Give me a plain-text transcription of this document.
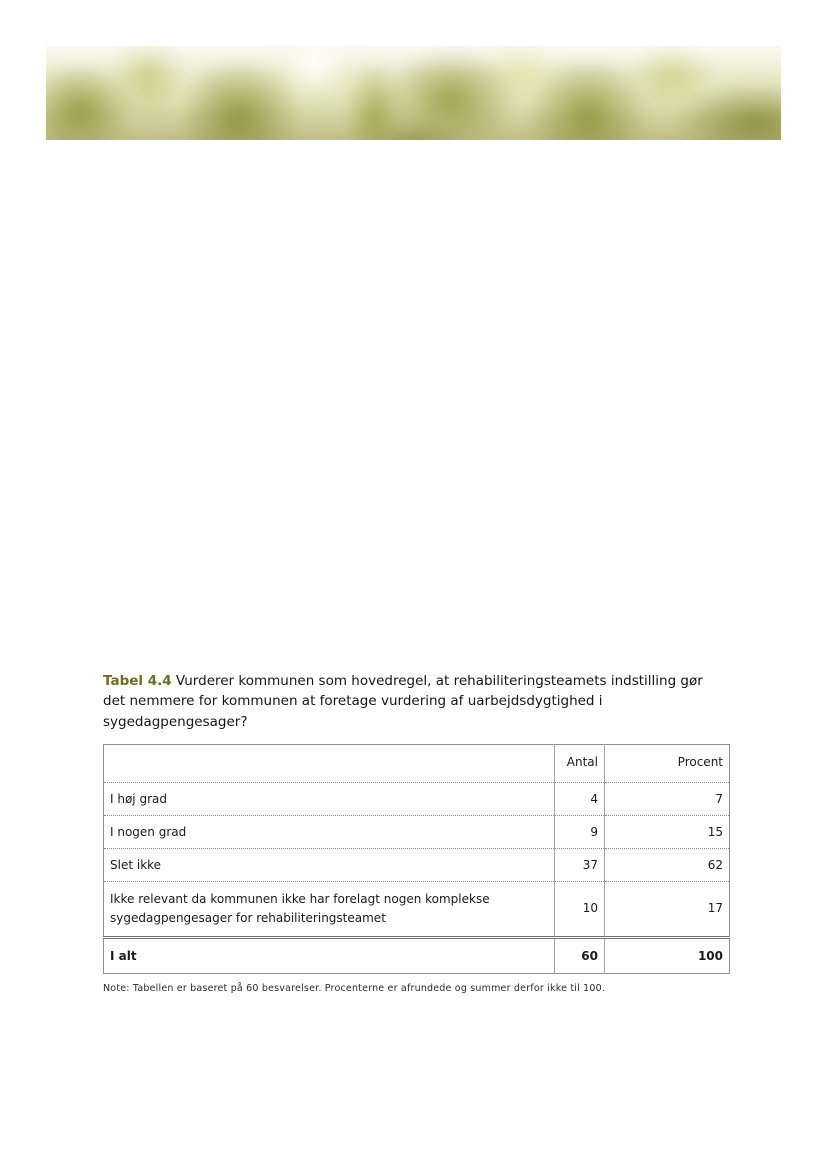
Tabel 4.4 Vurderer kommunen som hovedregel, at rehabiliteringsteamets indstilling gør det nemmere for kommunen at foretage vurdering af uarbejdsdygtighed i sygedagpengesager?

	Antal	Procent
I høj grad	4	7
I nogen grad	9	15
Slet ikke	37	62
Ikke relevant da kommunen ikke har forelagt nogen komplekse sygedagpengesager for rehabiliteringsteamet	10	17
I alt	60	100

Note: Tabellen er baseret på 60 besvarelser. Procenterne er afrundede og summer derfor ikke til 100.
